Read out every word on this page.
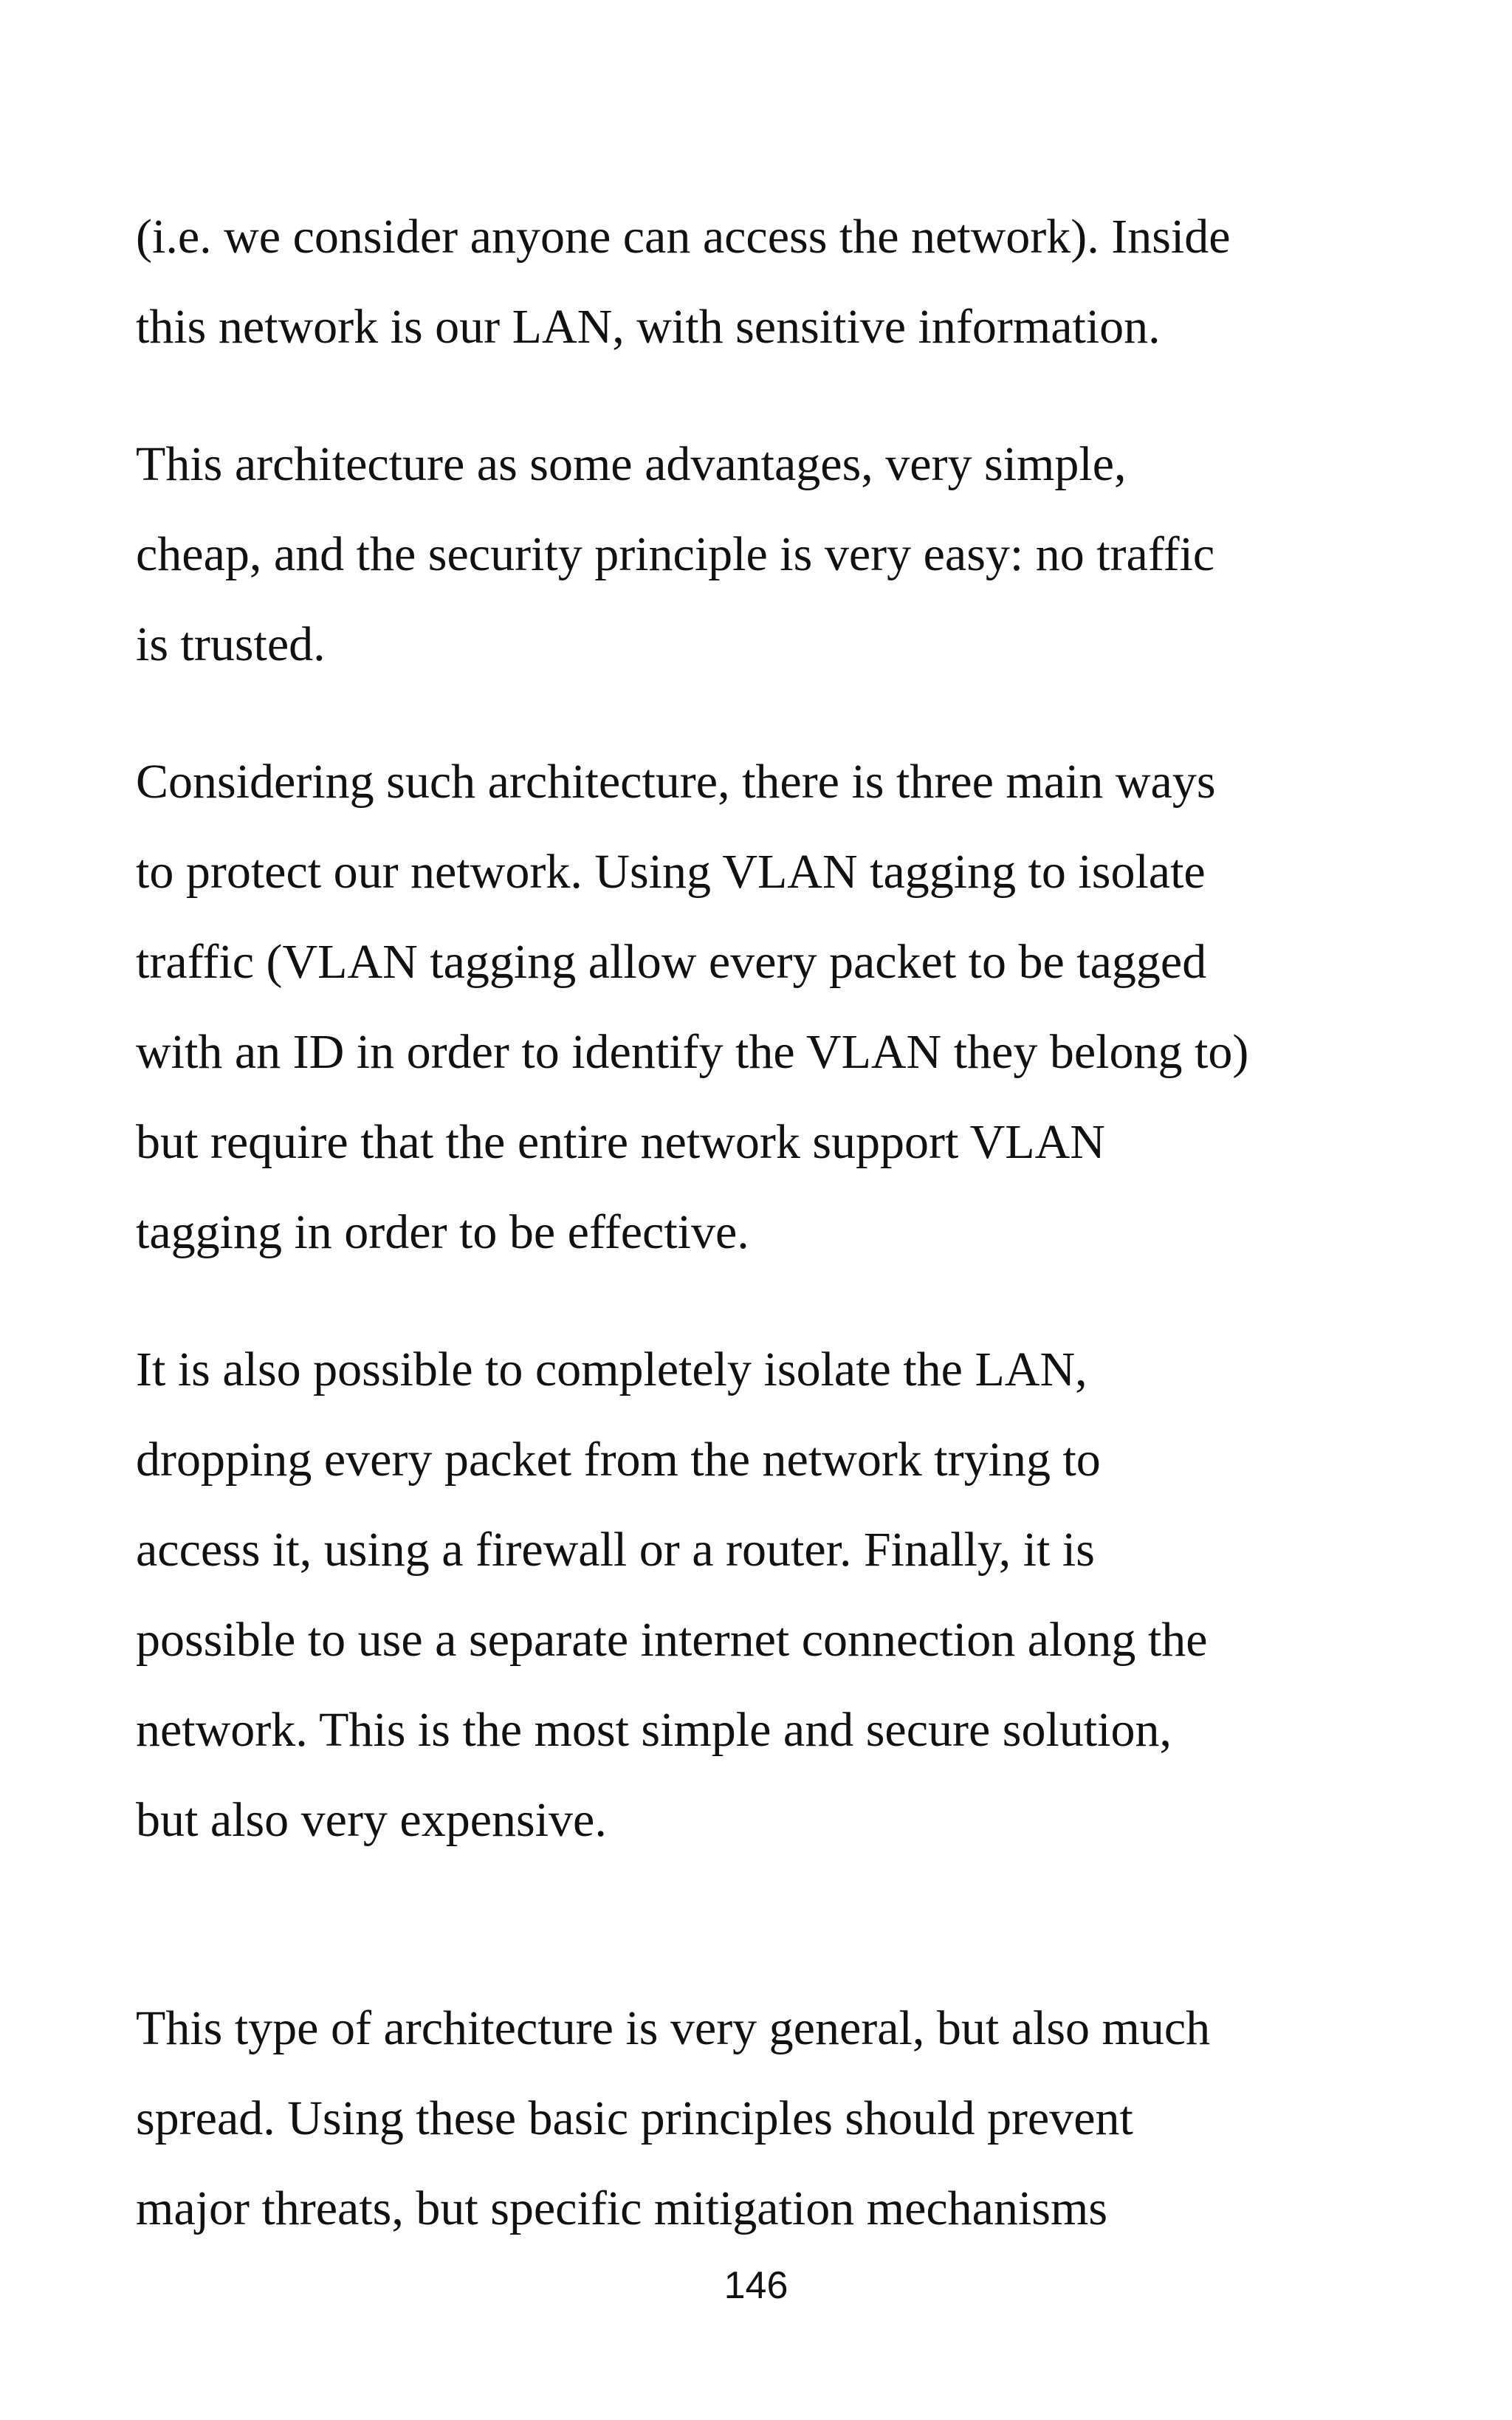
(i.e. we consider anyone can access the network). Inside
this network is our LAN, with sensitive information.

This architecture as some advantages, very simple,
cheap, and the security principle is very easy: no traffic
is trusted.

Considering such architecture, there is three main ways
to protect our network. Using VLAN tagging to isolate
traffic (VLAN tagging allow every packet to be tagged
with an ID in order to identify the VLAN they belong to)
but require that the entire network support VLAN
tagging in order to be effective.

It is also possible to completely isolate the LAN,
dropping every packet from the network trying to
access it, using a firewall or a router. Finally, it is
possible to use a separate internet connection along the
network. This is the most simple and secure solution,
but also very expensive.

This type of architecture is very general, but also much
spread. Using these basic principles should prevent
major threats, but specific mitigation mechanisms

146
